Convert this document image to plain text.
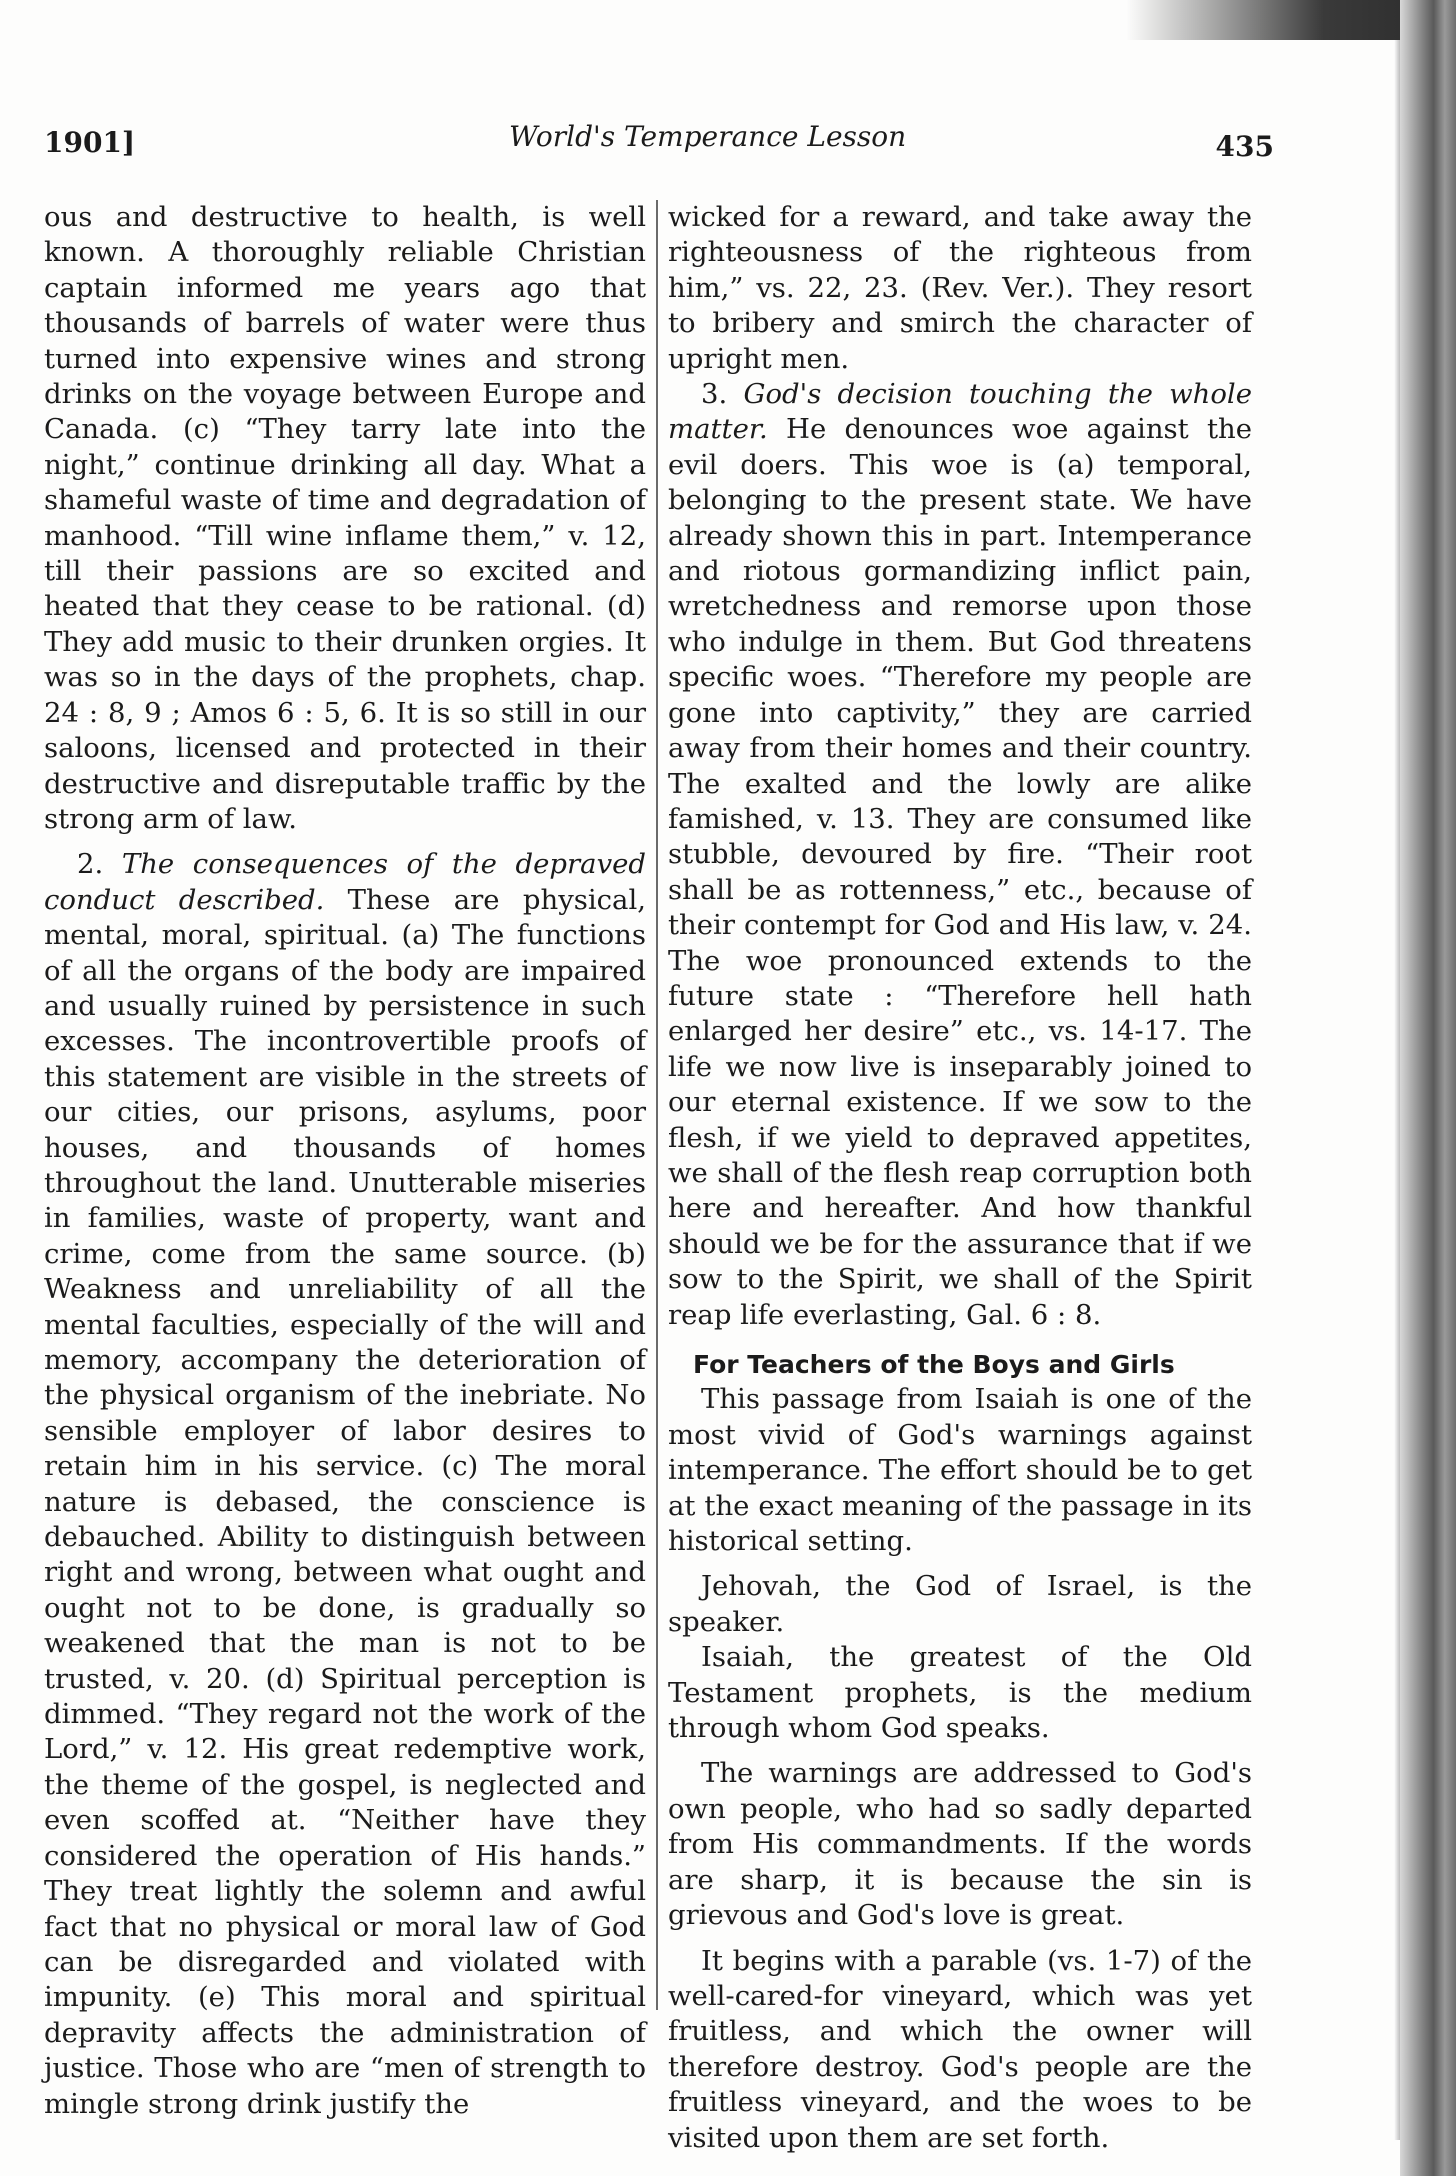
1901]	World's Temperance Lesson	435

ous and destructive to health, is well known. A thoroughly reliable Christian captain informed me years ago that thousands of barrels of water were thus turned into expensive wines and strong drinks on the voyage between Europe and Canada. (c) “They tarry late into the night,” continue drinking all day. What a shameful waste of time and degradation of manhood. “Till wine inflame them,” v. 12, till their passions are so excited and heated that they cease to be rational. (d) They add music to their drunken orgies. It was so in the days of the prophets, chap. 24 : 8, 9 ; Amos 6 : 5, 6. It is so still in our saloons, licensed and protected in their destructive and disreputable traffic by the strong arm of law.

2. The consequences of the depraved conduct described. These are physical, mental, moral, spiritual. (a) The functions of all the organs of the body are impaired and usually ruined by persistence in such excesses. The incontrovertible proofs of this statement are visible in the streets of our cities, our prisons, asylums, poor houses, and thousands of homes throughout the land. Unutterable miseries in families, waste of property, want and crime, come from the same source. (b) Weakness and unreliability of all the mental faculties, especially of the will and memory, accompany the deterioration of the physical organism of the inebriate. No sensible employer of labor desires to retain him in his service. (c) The moral nature is debased, the conscience is debauched. Ability to distinguish between right and wrong, between what ought and ought not to be done, is gradually so weakened that the man is not to be trusted, v. 20. (d) Spiritual perception is dimmed. “They regard not the work of the Lord,” v. 12. His great redemptive work, the theme of the gospel, is neglected and even scoffed at. “Neither have they considered the operation of His hands.” They treat lightly the solemn and awful fact that no physical or moral law of God can be disregarded and violated with impunity. (e) This moral and spiritual depravity affects the administration of justice. Those who are “men of strength to mingle strong drink justify the

wicked for a reward, and take away the righteousness of the righteous from him,” vs. 22, 23. (Rev. Ver.). They resort to bribery and smirch the character of upright men.

3. God's decision touching the whole matter. He denounces woe against the evil doers. This woe is (a) temporal, belonging to the present state. We have already shown this in part. Intemperance and riotous gormandizing inflict pain, wretchedness and remorse upon those who indulge in them. But God threatens specific woes. “Therefore my people are gone into captivity,” they are carried away from their homes and their country. The exalted and the lowly are alike famished, v. 13. They are consumed like stubble, devoured by fire. “Their root shall be as rottenness,” etc., because of their contempt for God and His law, v. 24. The woe pronounced extends to the future state : “Therefore hell hath enlarged her desire” etc., vs. 14-17. The life we now live is inseparably joined to our eternal existence. If we sow to the flesh, if we yield to depraved appetites, we shall of the flesh reap corruption both here and hereafter. And how thankful should we be for the assurance that if we sow to the Spirit, we shall of the Spirit reap life everlasting, Gal. 6 : 8.

For Teachers of the Boys and Girls

This passage from Isaiah is one of the most vivid of God's warnings against intemperance. The effort should be to get at the exact meaning of the passage in its historical setting.

Jehovah, the God of Israel, is the speaker.

Isaiah, the greatest of the Old Testament prophets, is the medium through whom God speaks.

The warnings are addressed to God's own people, who had so sadly departed from His commandments. If the words are sharp, it is because the sin is grievous and God's love is great.

It begins with a parable (vs. 1-7) of the well-cared-for vineyard, which was yet fruitless, and which the owner will therefore destroy. God's people are the fruitless vineyard, and the woes to be visited upon them are set forth.
